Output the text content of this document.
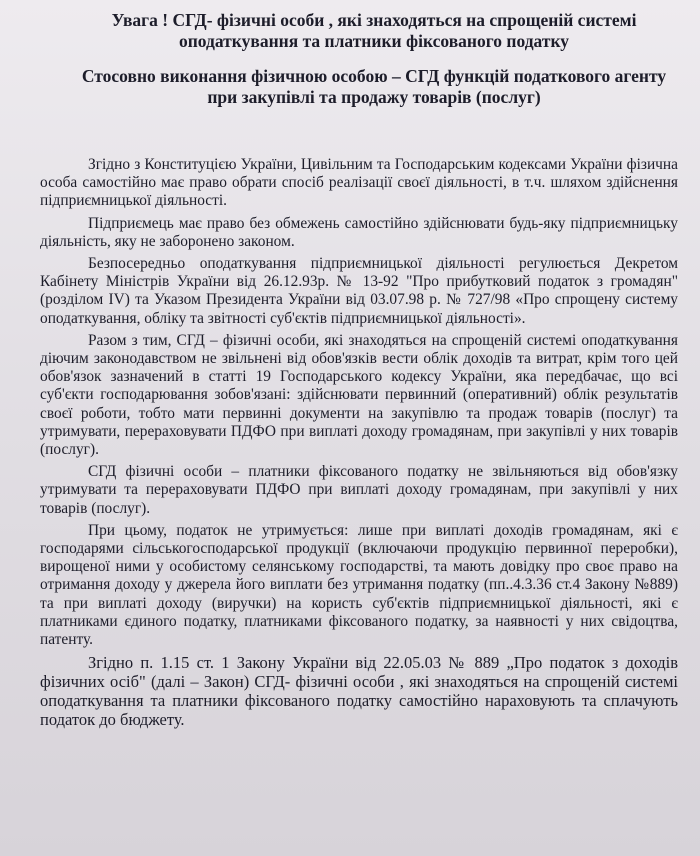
Увага ! СГД- фізичні особи , які знаходяться на спрощеній системі оподаткування та платники фіксованого податку

Стосовно виконання фізичною особою – СГД функцій податкового агенту при закупівлі та продажу товарів (послуг)

Згідно з Конституцією України, Цивільним та Господарським кодексами України фізична особа самостійно має право обрати спосіб реалізації своєї діяльності, в т.ч. шляхом здійснення підприємницької діяльності.

Підприємець має право без обмежень самостійно здійснювати будь-яку підприємницьку діяльність, яку не заборонено законом.

Безпосередньо оподаткування підприємницької діяльності регулюється Декретом Кабінету Міністрів України від 26.12.93р. № 13-92 "Про прибутковий податок з громадян" (розділом IV) та Указом Президента України від 03.07.98 р. № 727/98 «Про спрощену систему оподаткування, обліку та звітності суб'єктів підприємницької діяльності».

Разом з тим, СГД – фізичні особи, які знаходяться на спрощеній системі оподаткування діючим законодавством не звільнені від обов'язків вести облік доходів та витрат, крім того цей обов'язок зазначений в статті 19 Господарського кодексу України, яка передбачає, що всі суб'єкти господарювання зобов'язані: здійснювати первинний (оперативний) облік результатів своєї роботи, тобто мати первинні документи на закупівлю та продаж товарів (послуг) та утримувати, перераховувати ПДФО при виплаті доходу громадянам, при закупівлі у них товарів (послуг).

СГД фізичні особи – платники фіксованого податку не звільняються від обов'язку утримувати та перераховувати ПДФО при виплаті доходу громадянам, при закупівлі у них товарів (послуг).

При цьому, податок не утримується: лише при виплаті доходів громадянам, які є господарями сільськогосподарської продукції (включаючи продукцію первинної переробки), вирощеної ними у особистому селянському господарстві, та мають довідку про своє право на отримання доходу у джерела його виплати без утримання податку (пп..4.3.36 ст.4 Закону №889) та при виплаті доходу (виручки) на користь суб'єктів підприємницької діяльності, які є платниками єдиного податку, платниками фіксованого податку, за наявності у них свідоцтва, патенту.

Згідно п. 1.15 ст. 1 Закону України від 22.05.03 № 889 „Про податок з доходів фізичних осіб" (далі – Закон) СГД- фізичні особи , які знаходяться на спрощеній системі оподаткування та платники фіксованого податку самостійно нараховують та сплачують податок до бюджету.
